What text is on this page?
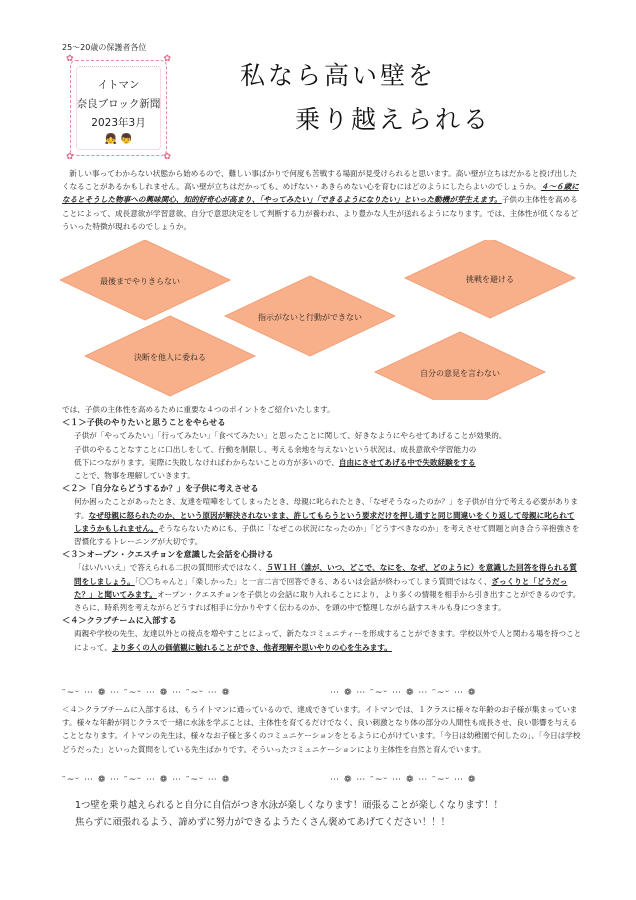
25～20歳の保護者各位
✿	✿
✿	✿
イトマン
奈良ブロック新聞
2023年3月
👧 👦
私なら高い壁を
乗り越えられる
新しい事ってわからない状態から始めるので、難しい事ばかりで何度も苦戦する場面が見受けられると思います。高い壁が立ちはだかると投げ出したくなることがあるかもしれません。高い壁が立ちはだかっても、めげない・あきらめない心を育むにはどのようにしたらよいのでしょうか。４～６歳になるとそうした物事への興味関心、知的好奇心が高まり、「やってみたい」「できるようになりたい」といった動機が芽生えます。子供の主体性を高めることによって、成長意欲が学習意欲、自分で意思決定をして判断する力が養われ、より豊かな人生が送れるようになります。では、主体性が低くなるどういった特徴が現れるのでしょうか。
最後までやりきらない	挑戦を避ける
指示がないと行動ができない
決断を他人に委ねる
自分の意見を言わない
では、子供の主体性を高めるために重要な４つのポイントをご紹介いたします。
＜１＞子供のやりたいと思うことをやらせる
子供が「やってみたい」「行ってみたい」「食べてみたい」と思ったことに関して、好きなようにやらせてあげることが効果的。
子供のやることなすことに口出しをして、行動を制限し、考える余地を与えないという状況は、成長意欲や学習能力の
低下につながります。実際に失敗しなければわからないことの方が多いので、自由にさせてあげる中で失敗経験をする
ことで、物事を理解していきます。
＜２＞「自分ならどうするか？」を子供に考えさせる
何か困ったことがあったとき、友達を喧嘩をしてしまったとき、母親に叱られたとき、「なぜそうなったのか？」を子供が自分で考える必要があります。なぜ母親に怒られたのか、という原因が解決されないまま、許してもらうという要求だけを押し通すと同じ間違いをくり返して母親に叱られてしまうかもしれません。そうならないためにも、子供に「なぜこの状況になったのか」「どうすべきなのか」を考えさせて問題と向き合う辛抱強さを習慣化するトレーニングが大切です。
＜３＞オープン・クエスチョンを意識した会話を心掛ける
「はい/いいえ」で答えられる二択の質問形式ではなく、５Ｗ１Ｈ（誰が、いつ、どこで、なにを、なぜ、どのように）を意識した回答を得られる質問をしましょう。「〇〇ちゃんと」「楽しかった」と一言二言で回答できる、あるいは会話が終わってしまう質問ではなく、ざっくりと「どうだった？」と聞いてみます。オープン・クエスチョンを子供との会話に取り入れることにより、より多くの情報を相手から引き出すことができるのです。さらに、時系列を考えながらどうすれば相手に分かりやすく伝わるのか、を頭の中で整理しながら話すスキルも身につきます。
＜４＞クラブチームに入部する
両親や学校の先生、友達以外との接点を増やすことによって、新たなコミュニティーを形成することができます。学校以外で人と関わる場を持つことによって、より多くの人の価値観に触れることができ、他者理解や思いやりの心を生みます。
ᵔ~ᵕ ⋯ ❁ ⋯ ᵔ~ᵕ ⋯ ❁ ⋯ ᵔ~ᵕ ⋯ ❁	⋯ ❁ ⋯ ᵔ~ᵕ ⋯ ❁ ⋯ ᵔ~ᵕ ⋯ ❁
＜４＞クラブチームに入部するは、もうイトマンに通っているので、達成できています。イトマンでは、１クラスに様々な年齢のお子様が集まっています。様々な年齢が同じクラスで一緒に水泳を学ぶことは、主体性を育てるだけでなく、良い刺激となり体の部分の人間性も成長させ、良い影響を与えることとなります。イトマンの先生は、様々なお子様と多くのコミュニケーションをとるように心がけています。「今日は幼稚園で何したの」、「今日は学校どうだった」といった質問をしている先生ばかりです。そういったコミュニケーションにより主体性を自然と育んでいます。
ᵔ~ᵕ ⋯ ❁ ⋯ ᵔ~ᵕ ⋯ ❁ ⋯ ᵔ~ᵕ ⋯ ❁	⋯ ❁ ⋯ ᵔ~ᵕ ⋯ ❁ ⋯ ᵔ~ᵕ ⋯ ❁
1つ壁を乗り越えられると自分に自信がつき水泳が楽しくなります！頑張ることが楽しくなります！！
焦らずに頑張れるよう、諦めずに努力ができるようたくさん褒めてあげてください！！！
